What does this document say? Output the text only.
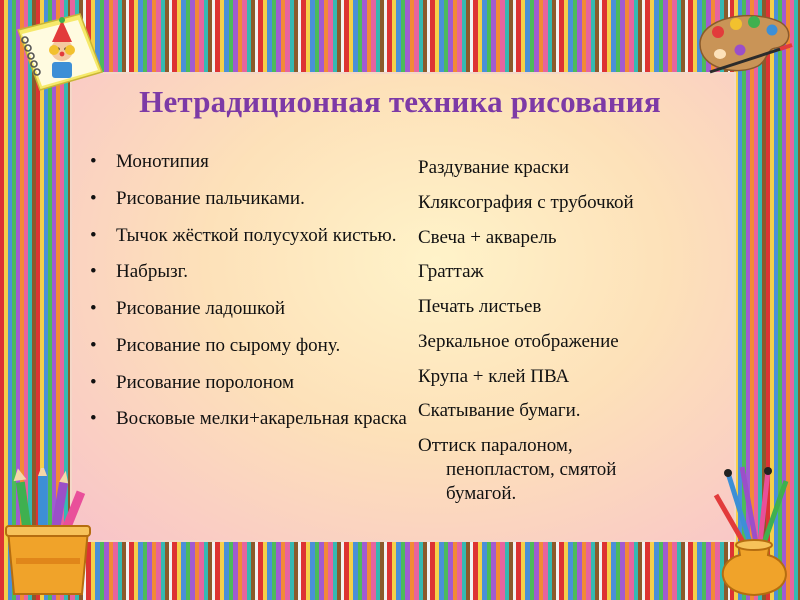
Нетрадиционная техника рисования
• Монотипия
• Рисование пальчиками.
• Тычок жёсткой полусухой кистью.
• Набрызг.
• Рисование ладошкой
• Рисование по сырому фону.
• Рисование поролоном
• Восковые мелки+акарельная краска
Раздувание краски
Кляксография с трубочкой
Свеча + акварель
Граттаж
Печать листьев
Зеркальное отображение
Крупа + клей ПВА
Скатывание бумаги.
Оттиск паралоном,
пенопластом, смятой
бумагой.
